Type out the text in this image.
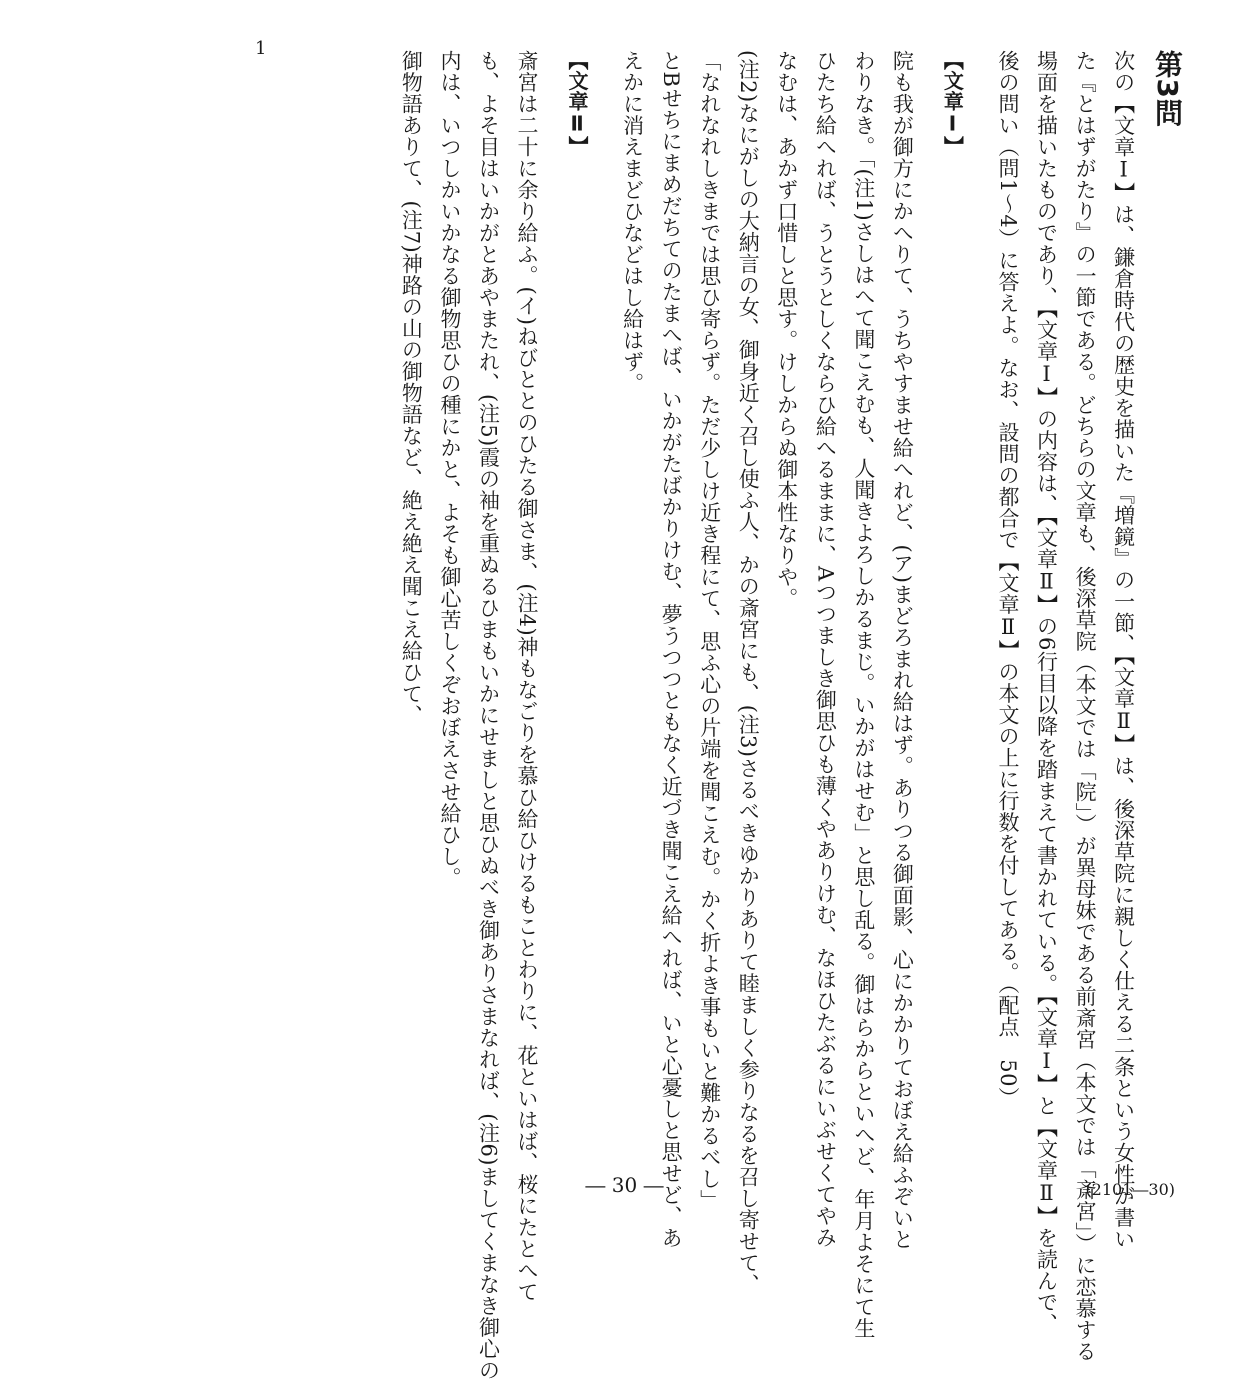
第3問
次の【文章Ⅰ】は、鎌倉時代の歴史を描いた『増鏡』の一節、【文章Ⅱ】は、後深草院に親しく仕える二条という女性が書い
た『とはずがたり』の一節である。どちらの文章も、後深草院（本文では「院」）が異母妹である前斎宮（本文では「斎宮」）に恋慕する
場面を描いたものであり、【文章Ⅰ】の内容は、【文章Ⅱ】の6行目以降を踏まえて書かれている。【文章Ⅰ】と【文章Ⅱ】を読んで、
後の問い（問1〜4）に答えよ。なお、設問の都合で【文章Ⅱ】の本文の上に行数を付してある。（配点　50）
【文章Ⅰ】
院も我が御方にかへりて、うちやすませ給へれど、(ア)まどろまれ給はず。ありつる御面影、心にかかりておぼえ給ふぞいと
わりなき。「(注1)さしはへて聞こえむも、人聞きよろしかるまじ。いかがはせむ」と思し乱る。御はらからといへど、年月よそにて生
ひたち給へれば、うとうとしくならひ給へるままに、Aつつましき御思ひも薄くやありけむ、なほひたぶるにいぶせくてやみ
なむは、あかず口惜しと思す。けしからぬ御本性なりや。
(注2)なにがしの大納言の女、御身近く召し使ふ人、かの斎宮にも、(注3)さるべきゆかりありて睦ましく参りなるを召し寄せて、
「なれなれしきまでは思ひ寄らず。ただ少しけ近き程にて、思ふ心の片端を聞こえむ。かく折よき事もいと難かるべし」
とBせちにまめだちてのたまへば、いかがたばかりけむ、夢うつつともなく近づき聞こえ給へれば、いと心憂しと思せど、あ
えかに消えまどひなどはし給はず。
【文章Ⅱ】
斎宮は二十に余り給ふ。(イ)ねびととのひたる御さま、(注4)神もなごりを慕ひ給ひけるもことわりに、花といはば、桜にたとへて
も、よそ目はいかがとあやまたれ、(注5)霞の袖を重ぬるひまもいかにせましと思ひぬべき御ありさまなれば、(注6)ましてくまなき御心の
内は、いつしかいかなる御物思ひの種にかと、よそも御心苦しくぞおぼえさせ給ひし。
御物語ありて、(注7)神路の山の御物語など、絶え絶え聞こえ給ひて、
1
― 30 ―	(2101―30)
